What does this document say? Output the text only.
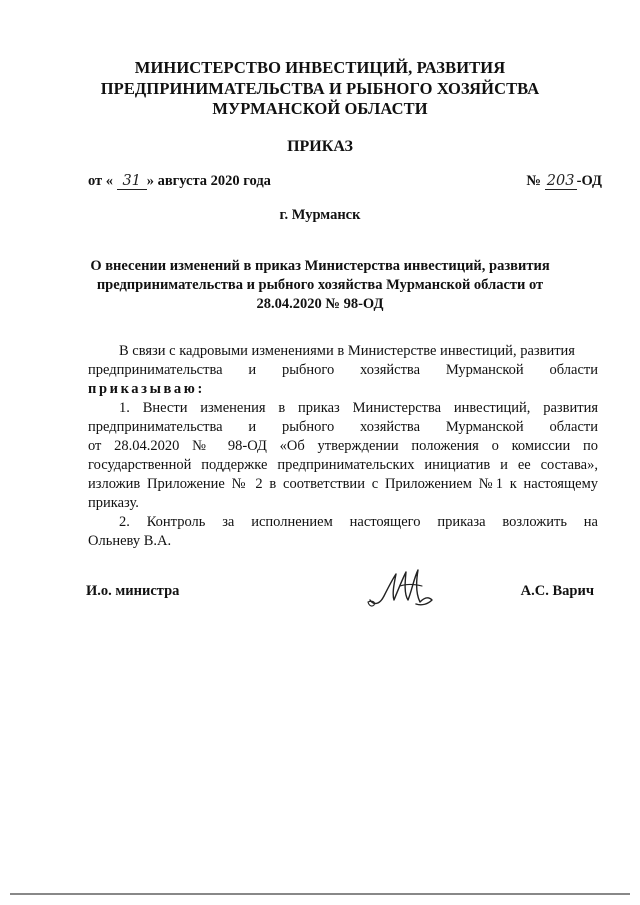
МИНИСТЕРСТВО ИНВЕСТИЦИЙ, РАЗВИТИЯ
ПРЕДПРИНИМАТЕЛЬСТВА И РЫБНОГО ХОЗЯЙСТВА
МУРМАНСКОЙ ОБЛАСТИ
ПРИКАЗ
от « 31 » августа 2020 года	№ 203 -ОД
г. Мурманск
О внесении изменений в приказ Министерства инвестиций, развития
предпринимательства и рыбного хозяйства Мурманской области от
28.04.2020 № 98-ОД
В связи с кадровыми изменениями в Министерстве инвестиций, развития
предпринимательства и рыбного хозяйства Мурманской области
приказываю:
1. Внести изменения в приказ Министерства инвестиций, развития
предпринимательства и рыбного хозяйства Мурманской области
от 28.04.2020 № 98-ОД «Об утверждении положения о комиссии по
государственной поддержке предпринимательских инициатив и ее состава»,
изложив Приложение № 2 в соответствии с Приложением №1 к настоящему
приказу.
2. Контроль за исполнением настоящего приказа возложить на
Ольневу В.А.
И.о. министра	А.С. Варич
